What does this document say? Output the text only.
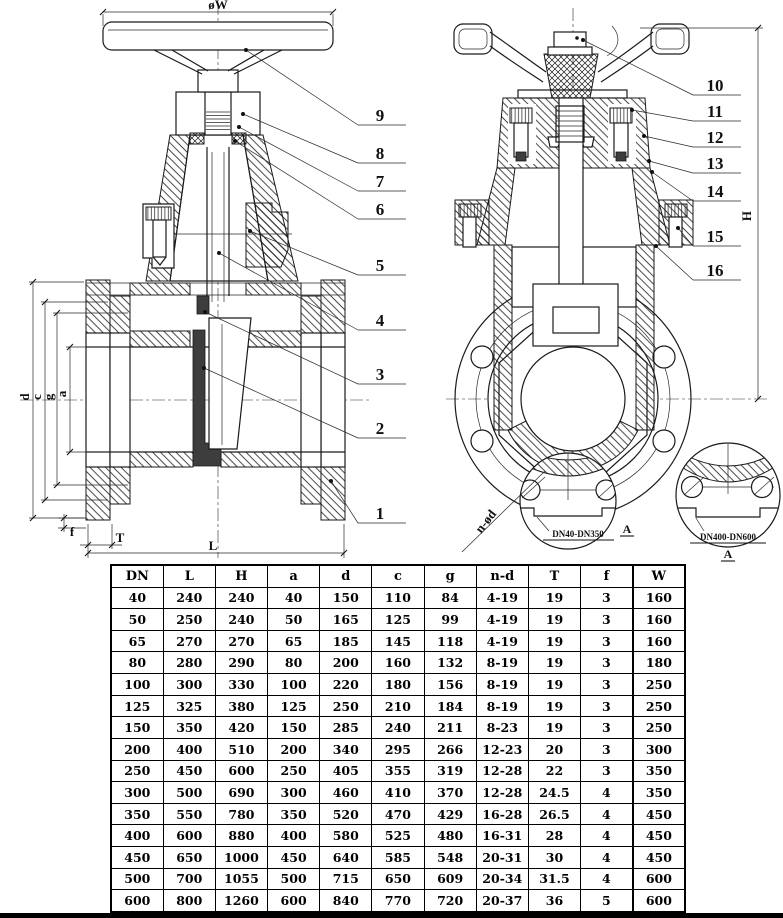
DN40-DN350 A
DN400-DN600
A
øW
d
c
g
a
f	T
L
H
n-ød
9
8
7
6
5
4
3
2
1
10
11
12
13
14
15
16
DN	L	H	a	d	c	g	n-d	T	f	W
40	240	240	40	150	110	84	4-19	19	3	160
50	250	240	50	165	125	99	4-19	19	3	160
65	270	270	65	185	145	118	4-19	19	3	160
80	280	290	80	200	160	132	8-19	19	3	180
100	300	330	100	220	180	156	8-19	19	3	250
125	325	380	125	250	210	184	8-19	19	3	250
150	350	420	150	285	240	211	8-23	19	3	250
200	400	510	200	340	295	266	12-23	20	3	300
250	450	600	250	405	355	319	12-28	22	3	350
300	500	690	300	460	410	370	12-28	24.5	4	350
350	550	780	350	520	470	429	16-28	26.5	4	450
400	600	880	400	580	525	480	16-31	28	4	450
450	650	1000	450	640	585	548	20-31	30	4	450
500	700	1055	500	715	650	609	20-34	31.5	4	600
600	800	1260	600	840	770	720	20-37	36	5	600
